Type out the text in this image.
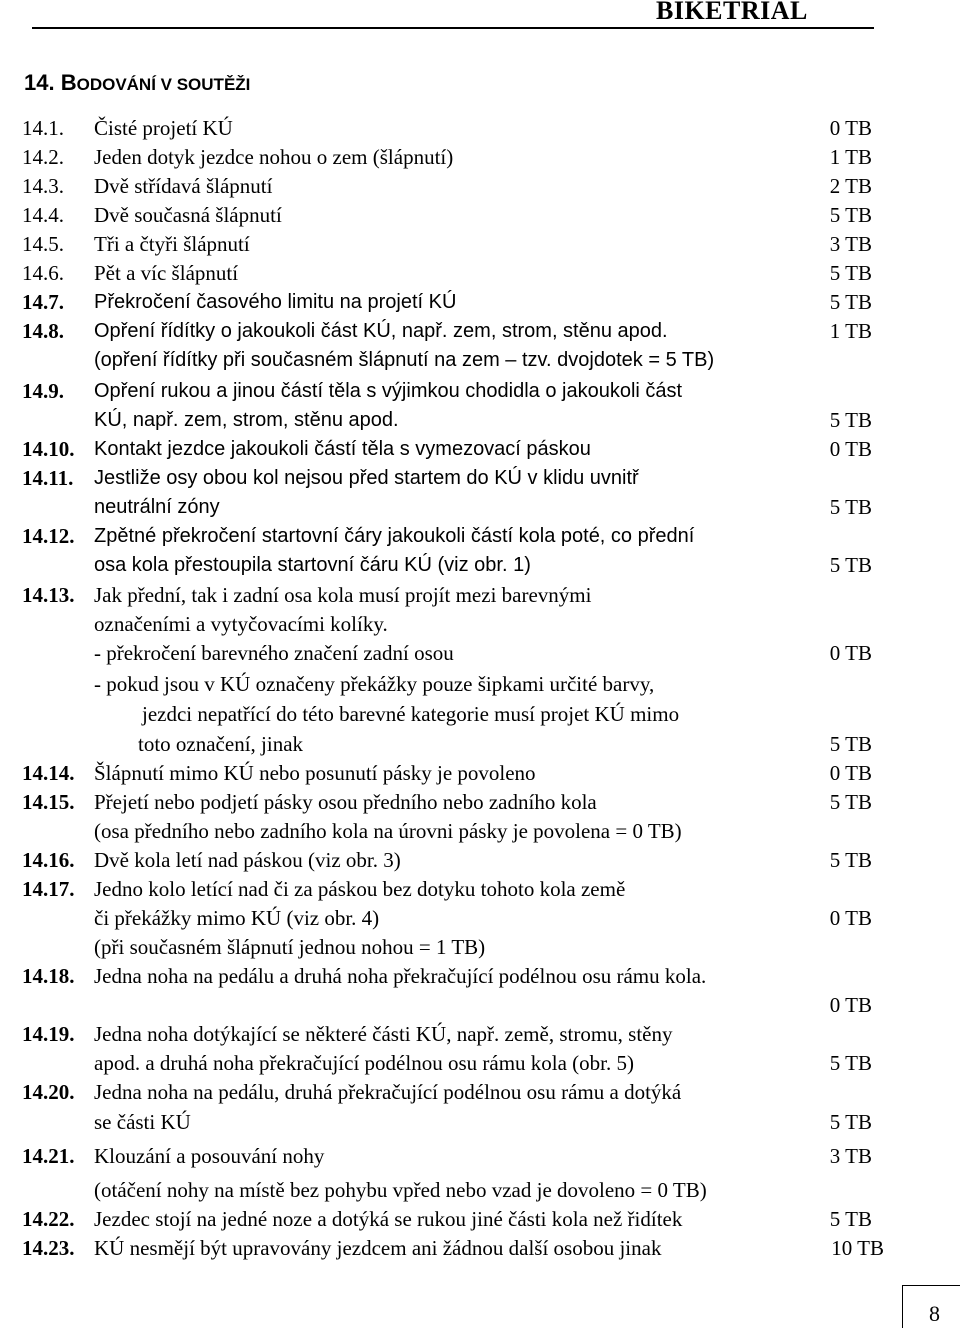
BIKETRIAL
14. BODOVÁNÍ V SOUTĚŽI
14.1. Čisté projetí KÚ	0 TB
14.2. Jeden dotyk jezdce nohou o zem (šlápnutí)	1 TB
14.3. Dvě střídavá šlápnutí	2 TB
14.4. Dvě současná šlápnutí	5 TB
14.5. Tři a čtyři šlápnutí	3 TB
14.6. Pět a víc šlápnutí	5 TB
14.7. Překročení časového limitu na projetí KÚ	5 TB
14.8. Opření řídítky o jakoukoli část KÚ, např. zem, strom, stěnu apod.	1 TB
(opření řídítky při současném šlápnutí na zem – tzv. dvojdotek = 5 TB)
14.9. Opření rukou a jinou částí těla s výjimkou chodidla o jakoukoli část
KÚ, např. zem, strom, stěnu apod.	5 TB
14.10. Kontakt jezdce jakoukoli částí těla s vymezovací páskou	0 TB
14.11. Jestliže osy obou kol nejsou před startem do KÚ v klidu uvnitř
neutrální zóny	5 TB
14.12. Zpětné překročení startovní čáry jakoukoli částí kola poté, co přední
osa kola přestoupila startovní čáru KÚ (viz obr. 1)	5 TB
14.13. Jak přední, tak i zadní osa kola musí projít mezi barevnými
označeními a vytyčovacími kolíky.
- překročení barevného značení zadní osou	0 TB
- pokud jsou v KÚ označeny překážky pouze šipkami určité barvy,
jezdci nepatřící do této barevné kategorie musí projet KÚ mimo
toto označení, jinak	5 TB
14.14. Šlápnutí mimo KÚ nebo posunutí pásky je povoleno	0 TB
14.15. Přejetí nebo podjetí pásky osou předního nebo zadního kola	5 TB
(osa předního nebo zadního kola na úrovni pásky je povolena = 0 TB)
14.16. Dvě kola letí nad páskou (viz obr. 3)	5 TB
14.17. Jedno kolo letící nad či za páskou bez dotyku tohoto kola země
či překážky mimo KÚ (viz obr. 4)	0 TB
(při současném šlápnutí jednou nohou = 1 TB)
14.18. Jedna noha na pedálu a druhá noha překračující podélnou osu rámu kola.
0 TB
14.19. Jedna noha dotýkající se některé části KÚ, např. země, stromu, stěny
apod. a druhá noha překračující podélnou osu rámu kola (obr. 5)	5 TB
14.20. Jedna noha na pedálu, druhá překračující podélnou osu rámu a dotýká
se části KÚ	5 TB
14.21. Klouzání a posouvání nohy	3 TB
(otáčení nohy na místě bez pohybu vpřed nebo vzad je dovoleno = 0 TB)
14.22. Jezdec stojí na jedné noze a dotýká se rukou jiné části kola než řidítek	5 TB
14.23. KÚ nesmějí být upravovány jezdcem ani žádnou další osobou jinak	10 TB
8
